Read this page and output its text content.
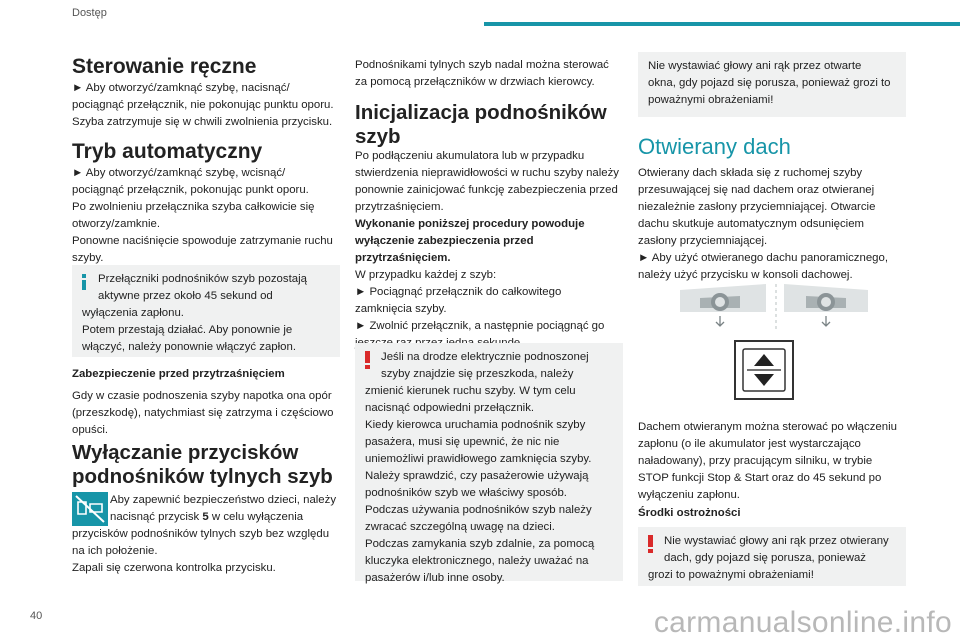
Dostęp
Sterowanie ręczne

► Aby otworzyć/zamknąć szybę, nacisnąć/

pociągnąć przełącznik, nie pokonując punktu oporu.

Szyba zatrzymuje się w chwili zwolnienia przycisku.

Tryb automatyczny

► Aby otworzyć/zamknąć szybę, wcisnąć/

pociągnąć przełącznik, pokonując punkt oporu.

Po zwolnieniu przełącznika szyba całkowicie się

otworzy/zamknie.

Ponowne naciśnięcie spowoduje zatrzymanie ruchu

szyby.

Przełączniki podnośników szyb pozostają

aktywne przez około 45 sekund od

wyłączenia zapłonu.

Potem przestają działać. Aby ponownie je

włączyć, należy ponownie włączyć zapłon.

Zabezpieczenie przed przytrzaśnięciem

Gdy w czasie podnoszenia szyby napotka ona opór

(przeszkodę), natychmiast się zatrzyma i częściowo

opuści.

Wyłączanie przycisków
podnośników tylnych szyb

Aby zapewnić bezpieczeństwo dzieci, należy

nacisnąć przycisk 5 w celu wyłączenia

przycisków podnośników tylnych szyb bez względu

na ich położenie.

Zapali się czerwona kontrolka przycisku.

Podnośnikami tylnych szyb nadal można sterować

za pomocą przełączników w drzwiach kierowcy.

Inicjalizacja podnośników
szyb

Po podłączeniu akumulatora lub w przypadku

stwierdzenia nieprawidłowości w ruchu szyby należy

ponownie zainicjować funkcję zabezpieczenia przed

przytrzaśnięciem.

Wykonanie poniższej procedury powoduje

wyłączenie zabezpieczenia przed

przytrzaśnięciem.

W przypadku każdej z szyb:

► Pociągnąć przełącznik do całkowitego

zamknięcia szyby.

► Zwolnić przełącznik, a następnie pociągnąć go

Jeśli na drodze elektrycznie podnoszonej

szyby znajdzie się przeszkoda, należy

zmienić kierunek ruchu szyby. W tym celu

nacisnąć odpowiedni przełącznik.

Kiedy kierowca uruchamia podnośnik szyby

pasażera, musi się upewnić, że nic nie

uniemożliwi prawidłowego zamknięcia szyby.

Należy sprawdzić, czy pasażerowie używają

podnośników szyb we właściwy sposób.

Podczas używania podnośników szyb należy

zwracać szczególną uwagę na dzieci.

Podczas zamykania szyb zdalnie, za pomocą

kluczyka elektronicznego, należy uważać na

pasażerów i/lub inne osoby.

Nie wystawiać głowy ani rąk przez otwarte

okna, gdy pojazd się porusza, ponieważ grozi to

poważnymi obrażeniami!

Otwierany dach

Otwierany dach składa się z ruchomej szyby

przesuwającej się nad dachem oraz otwieranej

niezależnie zasłony przyciemniającej. Otwarcie

dachu skutkuje automatycznym odsunięciem

zasłony przyciemniającej.

► Aby użyć otwieranego dachu panoramicznego,

należy użyć przycisku w konsoli dachowej.

Dachem otwieranym można sterować po włączeniu

zapłonu (o ile akumulator jest wystarczająco

naładowany), przy pracującym silniku, w trybie

STOP funkcji Stop & Start oraz do 45 sekund po

wyłączeniu zapłonu.

Środki ostrożności

Nie wystawiać głowy ani rąk przez otwierany

dach, gdy pojazd się porusza, ponieważ

grozi to poważnymi obrażeniami!

40	carmanualsonline.info
